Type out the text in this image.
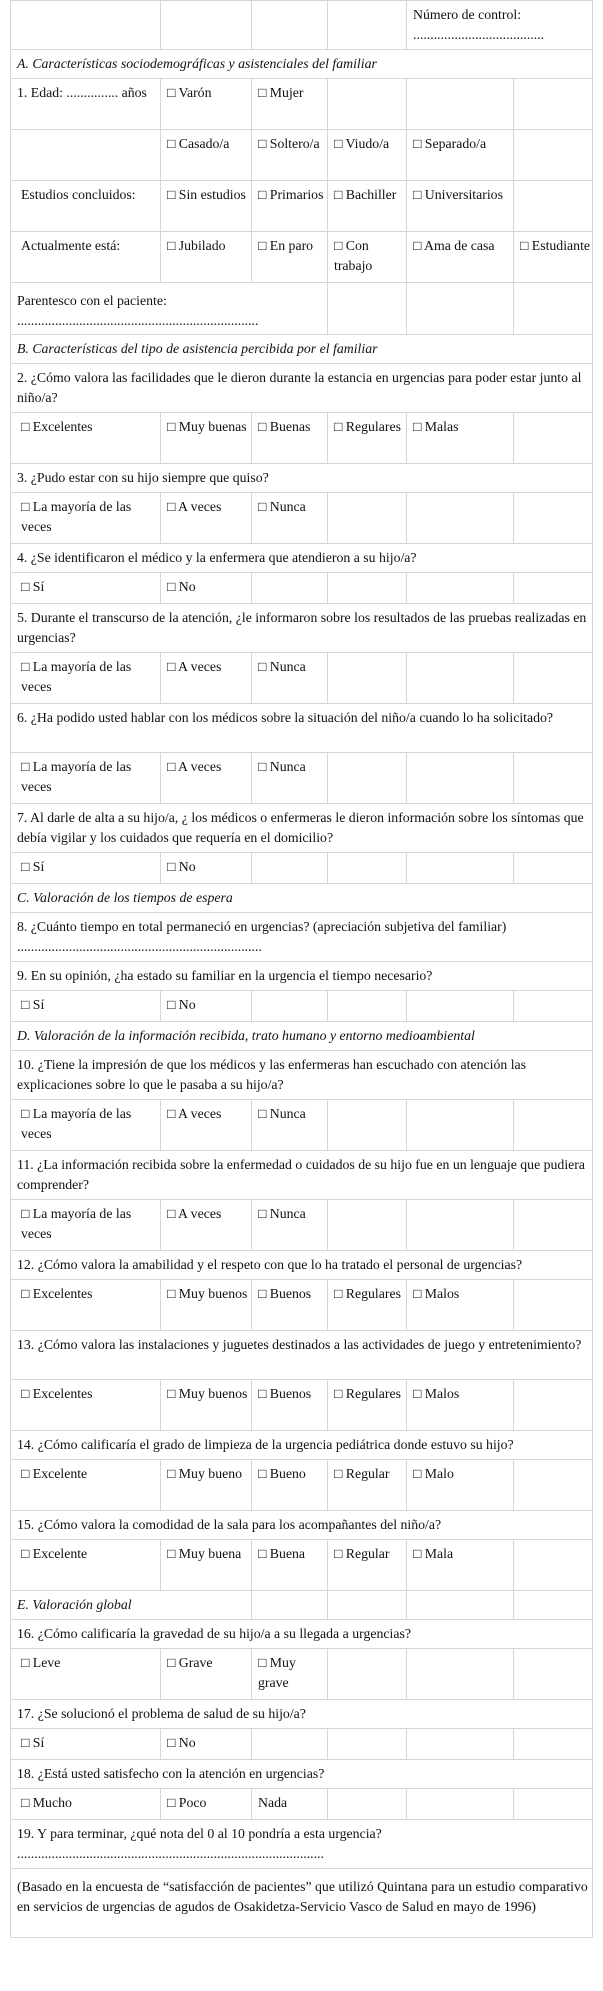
				Número de control:
......................................	
A. Características sociodemográficas y asistenciales del familiar					
1. Edad: ............... años	□ Varón	□ Mujer			
	□ Casado/a	□ Soltero/a	□ Viudo/a	□ Separado/a	
Estudios concluidos:	□ Sin estudios	□ Primarios	□ Bachiller	□ Universitarios	
Actualmente está:	□ Jubilado	□ En paro	□ Con trabajo	□ Ama de casa	□ Estudiante
Parentesco con el paciente:
......................................................................					
B. Características del tipo de asistencia percibida por el familiar					
2. ¿Cómo valora las facilidades que le dieron durante la estancia en urgencias para poder estar junto al niño/a?					
□ Excelentes	□ Muy buenas	□ Buenas	□ Regulares	□ Malas	
3. ¿Pudo estar con su hijo siempre que quiso?					
□ La mayoría de las veces	□ A veces	□ Nunca			
4. ¿Se identificaron el médico y la enfermera que atendieron a su hijo/a?					
□ Sí	□ No				
5. Durante el transcurso de la atención, ¿le informaron sobre los resultados de las pruebas realizadas en urgencias?					
□ La mayoría de las veces	□ A veces	□ Nunca			
6. ¿Ha podido usted hablar con los médicos sobre la situación del niño/a cuando lo ha solicitado?					
□ La mayoría de las veces	□ A veces	□ Nunca			
7. Al darle de alta a su hijo/a, ¿ los médicos o enfermeras le dieron información sobre los síntomas que debía vigilar y los cuidados que requería en el domicilio?					
□ Sí	□ No				
C. Valoración de los tiempos de espera					
8. ¿Cuánto tiempo en total permaneció en urgencias? (apreciación subjetiva del familiar)
.......................................................................					
9. En su opinión, ¿ha estado su familiar en la urgencia el tiempo necesario?					
□ Sí	□ No				
D. Valoración de la información recibida, trato humano y entorno medioambiental					
10. ¿Tiene la impresión de que los médicos y las enfermeras han escuchado con atención las explicaciones sobre lo que le pasaba a su hijo/a?					
□ La mayoría de las veces	□ A veces	□ Nunca			
11. ¿La información recibida sobre la enfermedad o cuidados de su hijo fue en un lenguaje que pudiera comprender?					
□ La mayoría de las veces	□ A veces	□ Nunca			
12. ¿Cómo valora la amabilidad y el respeto con que lo ha tratado el personal de urgencias?					
□ Excelentes	□ Muy buenos	□ Buenos	□ Regulares	□ Malos	
13. ¿Cómo valora las instalaciones y juguetes destinados a las actividades de juego y entretenimiento?					
□ Excelentes	□ Muy buenos	□ Buenos	□ Regulares	□ Malos	
14. ¿Cómo calificaría el grado de limpieza de la urgencia pediátrica donde estuvo su hijo?					
□ Excelente	□ Muy bueno	□ Bueno	□ Regular	□ Malo	
15. ¿Cómo valora la comodidad de la sala para los acompañantes del niño/a?					
□ Excelente	□ Muy buena	□ Buena	□ Regular	□ Mala	
E. Valoración global					
16. ¿Cómo calificaría la gravedad de su hijo/a a su llegada a urgencias?					
□ Leve	□ Grave	□ Muy grave			
17. ¿Se solucionó el problema de salud de su hijo/a?					
□ Sí	□ No				
18. ¿Está usted satisfecho con la atención en urgencias?					
□ Mucho	□ Poco	Nada			
19. Y para terminar, ¿qué nota del 0 al 10 pondría a esta urgencia?
.........................................................................................					
(Basado en la encuesta de “satisfacción de pacientes” que utilizó Quintana para un estudio comparativo en servicios de urgencias de agudos de Osakidetza-Servicio Vasco de Salud en mayo de 1996)					
